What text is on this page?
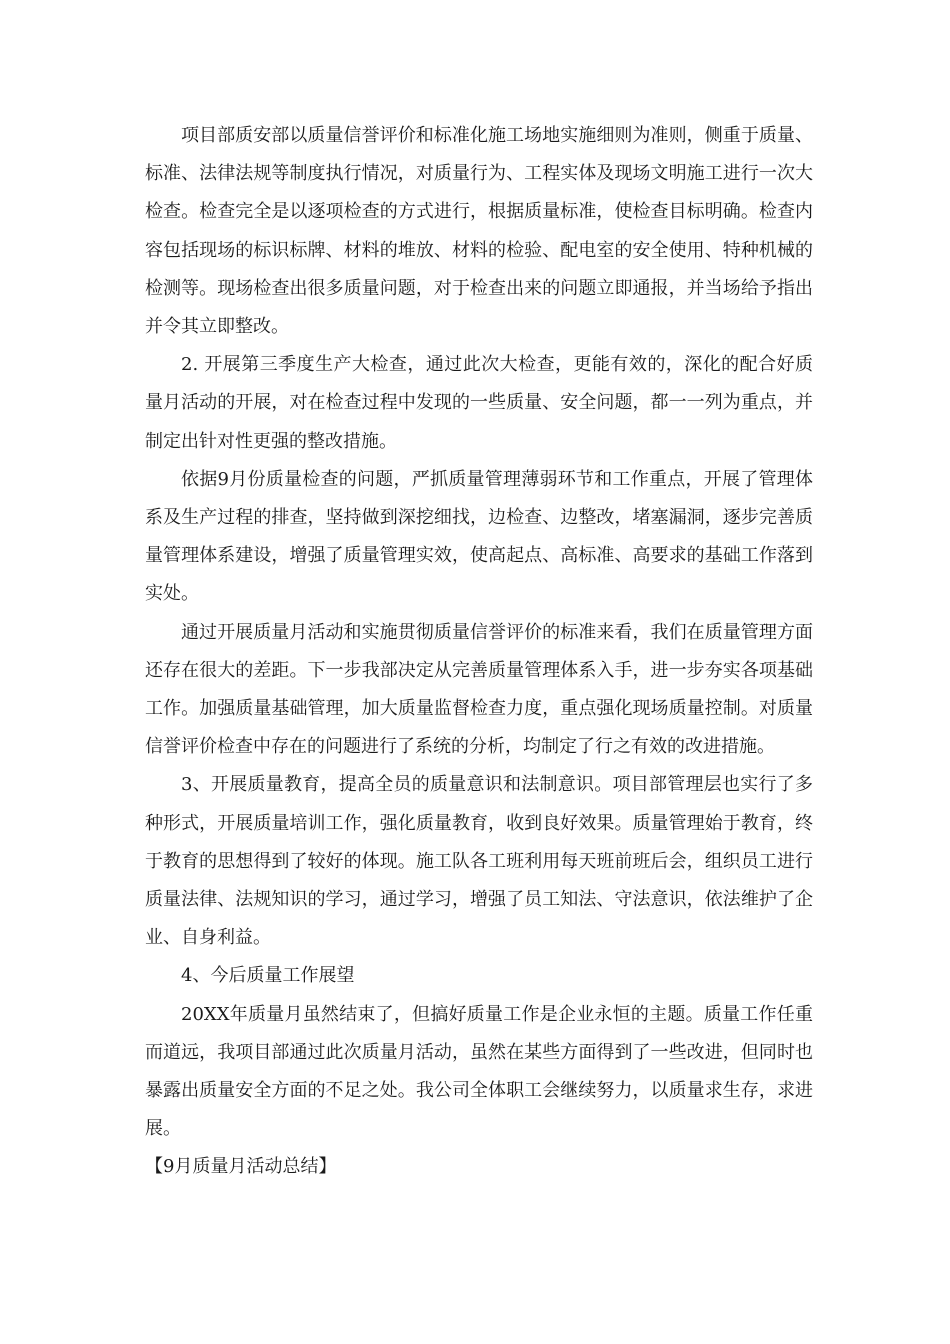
项目部质安部以质量信誉评价和标准化施工场地实施细则为准则，侧重于质量、标准、法律法规等制度执行情况，对质量行为、工程实体及现场文明施工进行一次大检查。检查完全是以逐项检查的方式进行，根据质量标准，使检查目标明确。检查内容包括现场的标识标牌、材料的堆放、材料的检验、配电室的安全使用、特种机械的检测等。现场检查出很多质量问题，对于检查出来的问题立即通报，并当场给予指出并令其立即整改。

2. 开展第三季度生产大检查，通过此次大检查，更能有效的，深化的配合好质量月活动的开展，对在检查过程中发现的一些质量、安全问题，都一一列为重点，并制定出针对性更强的整改措施。

依据9月份质量检查的问题，严抓质量管理薄弱环节和工作重点，开展了管理体系及生产过程的排查，坚持做到深挖细找，边检查、边整改，堵塞漏洞，逐步完善质量管理体系建设，增强了质量管理实效，使高起点、高标准、高要求的基础工作落到实处。

通过开展质量月活动和实施贯彻质量信誉评价的标准来看，我们在质量管理方面还存在很大的差距。下一步我部决定从完善质量管理体系入手，进一步夯实各项基础工作。加强质量基础管理，加大质量监督检查力度，重点强化现场质量控制。对质量信誉评价检查中存在的问题进行了系统的分析，均制定了行之有效的改进措施。

3、开展质量教育，提高全员的质量意识和法制意识。项目部管理层也实行了多种形式，开展质量培训工作，强化质量教育，收到良好效果。质量管理始于教育，终于教育的思想得到了较好的体现。施工队各工班利用每天班前班后会，组织员工进行质量法律、法规知识的学习，通过学习，增强了员工知法、守法意识，依法维护了企业、自身利益。

4、今后质量工作展望

20XX年质量月虽然结束了，但搞好质量工作是企业永恒的主题。质量工作任重而道远，我项目部通过此次质量月活动，虽然在某些方面得到了一些改进，但同时也暴露出质量安全方面的不足之处。我公司全体职工会继续努力，以质量求生存，求进展。

【9月质量月活动总结】
